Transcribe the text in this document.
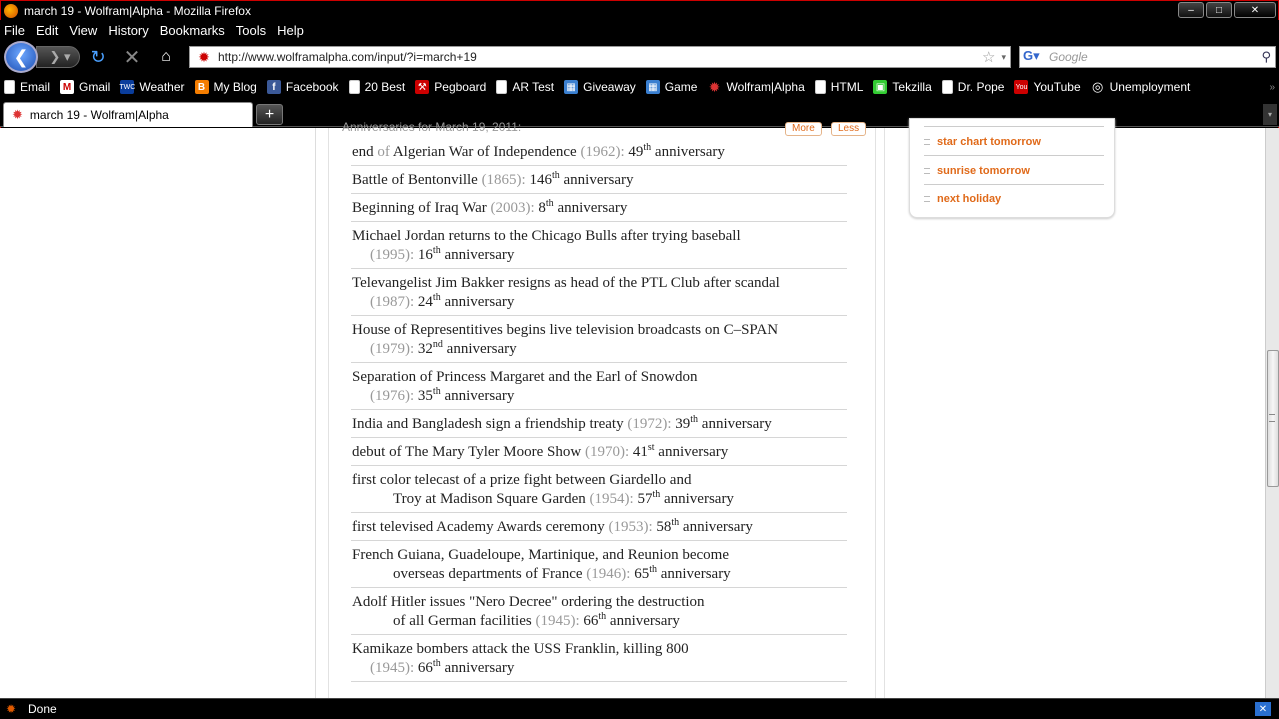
march 19 - Wolfram|Alpha - Mozilla Firefox	–	□	✕
File Edit View History Bookmarks Tools Help
❯ ▾
❮	↻ ✕	⌂	✹ http://www.wolframalpha.com/input/?i=march+19	☆ ▾ G▾ Google	⚲
Email M Gmail TWC Weather	B My Blog	f Facebook 20 Best ⚒ Pegboard AR Test ▦ Giveaway ▦ Game ✹ Wolfram|Alpha HTML ▣ Tekzilla Dr. Pope You YouTube ◎ Unemployment	»
✹ march 19 - Wolfram|Alpha	+	▾
Anniversaries for March 19, 2011:	More	Less
end of Algerian War of Independence (1962): 49th anniversary
Battle of Bentonville (1865): 146th anniversary
Beginning of Iraq War (2003): 8th anniversary
Michael Jordan returns to the Chicago Bulls after trying baseball
(1995): 16th anniversary
Televangelist Jim Bakker resigns as head of the PTL Club after scandal
(1987): 24th anniversary
House of Representitives begins live television broadcasts on C–SPAN
(1979): 32nd anniversary
Separation of Princess Margaret and the Earl of Snowdon
(1976): 35th anniversary
India and Bangladesh sign a friendship treaty (1972): 39th anniversary
debut of The Mary Tyler Moore Show (1970): 41st anniversary
first color telecast of a prize fight between Giardello and
Troy at Madison Square Garden (1954): 57th anniversary
first televised Academy Awards ceremony (1953): 58th anniversary
French Guiana, Guadeloupe, Martinique, and Reunion become
overseas departments of France (1946): 65th anniversary
Adolf Hitler issues "Nero Decree" ordering the destruction
of all German facilities (1945): 66th anniversary
Kamikaze bombers attack the USS Franklin, killing 800
(1945): 66th anniversary
star chart tomorrow
sunrise tomorrow
next holiday
✹ Done	✕
